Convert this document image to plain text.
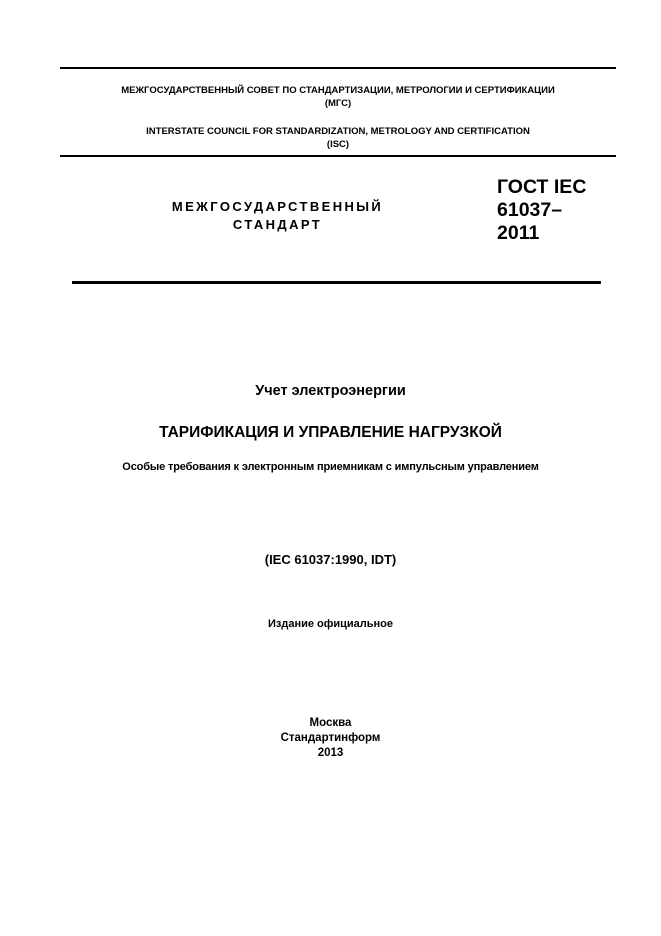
МЕЖГОСУДАРСТВЕННЫЙ СОВЕТ ПО СТАНДАРТИЗАЦИИ, МЕТРОЛОГИИ И СЕРТИФИКАЦИИ
(МГС)
INTERSTATE COUNCIL FOR STANDARDIZATION, METROLOGY AND CERTIFICATION
(ISC)
МЕЖГОСУДАРСТВЕННЫЙ
СТАНДАРТ
ГОСТ IEC
61037–
2011
Учет электроэнергии
ТАРИФИКАЦИЯ И УПРАВЛЕНИЕ НАГРУЗКОЙ
Особые требования к электронным приемникам с импульсным управлением
(IEC 61037:1990, IDT)
Издание официальное
Москва
Стандартинформ
2013
